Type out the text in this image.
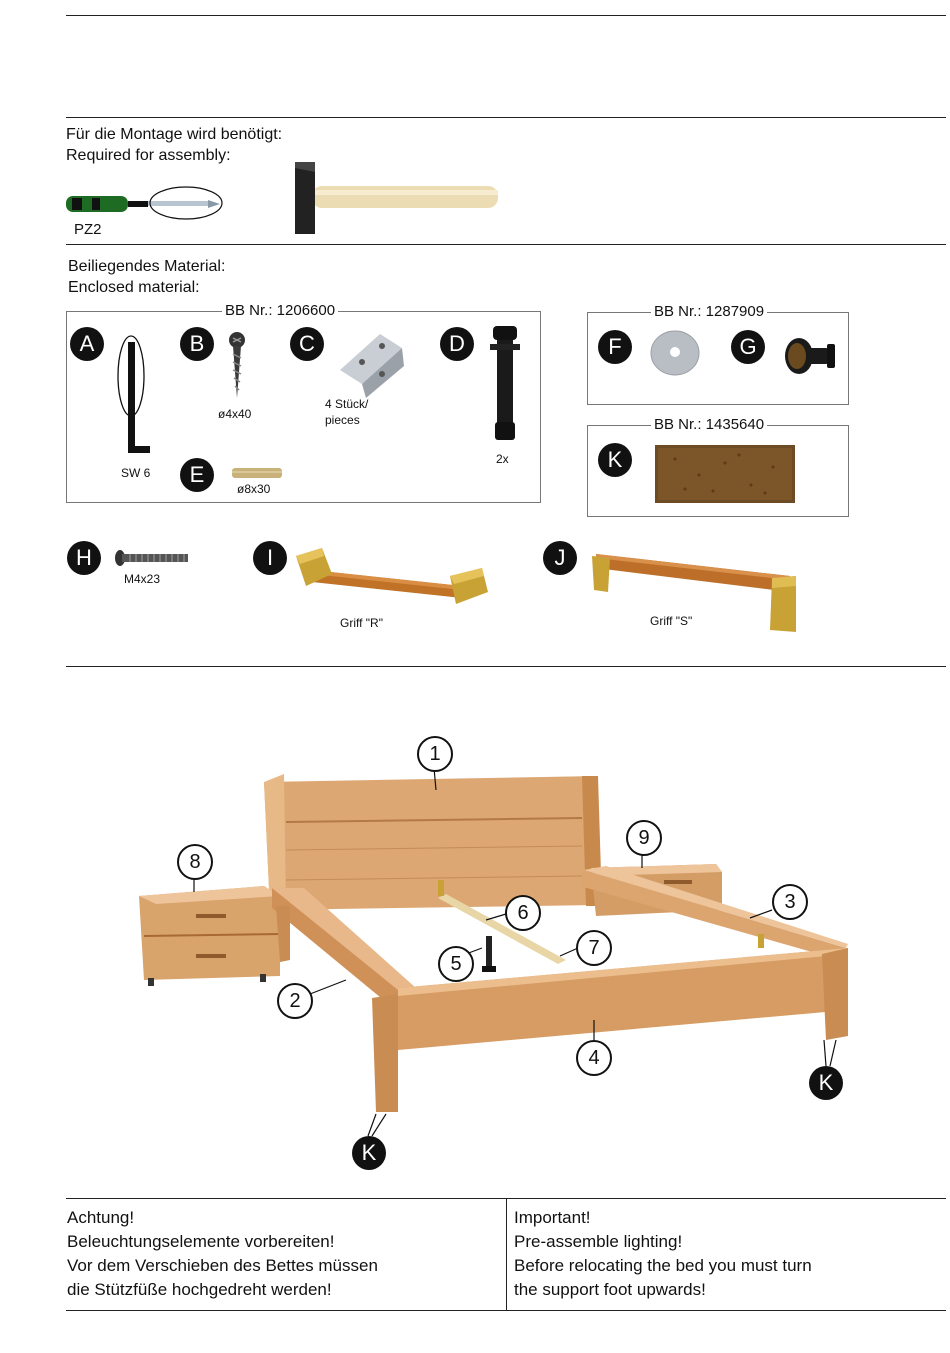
Für die Montage wird benötigt:
Required for assembly:
PZ2
Beiliegendes Material:
Enclosed material:
BB Nr.: 1206600
A
SW 6
B
ø4x40
C
4 Stück/
pieces
D
2x
E
ø8x30
BB Nr.: 1287909
F	G
BB Nr.: 1435640
K
H
M4x23
I
Griff "R"
J
Griff "S"
1
2
3
4
5
6
7
8
9
K
K
Achtung!
Beleuchtungselemente vorbereiten!
Vor dem Verschieben des Bettes müssen
die Stützfüße hochgedreht werden!
Important!
Pre-assemble lighting!
Before relocating the bed you must turn
the support foot upwards!
